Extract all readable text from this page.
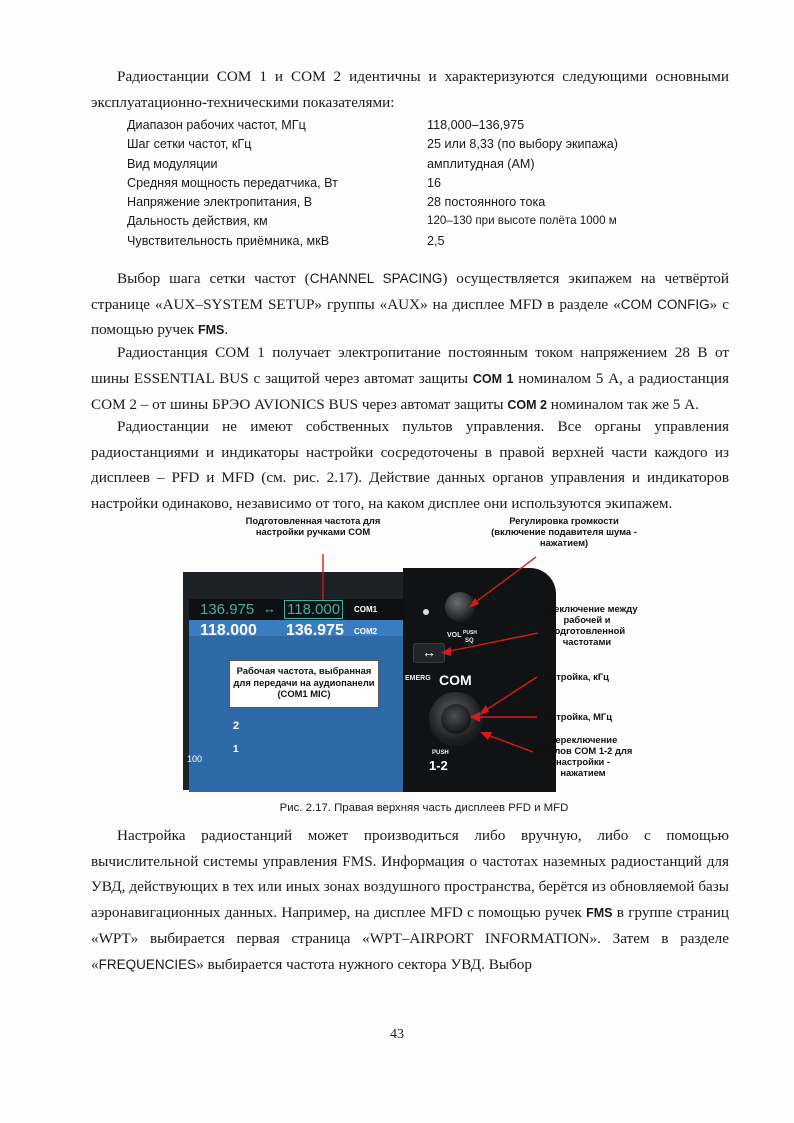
Радиостанции COM 1 и COM 2 идентичны и характеризуются следующими основными эксплуатационно-техническими показателями:

Диапазон рабочих частот, МГц	118,000–136,975
Шаг сетки частот, кГц	25 или 8,33 (по выбору экипажа)
Вид модуляции	амплитудная (АМ)
Средняя мощность передатчика, Вт	16
Напряжение электропитания, В	28 постоянного тока
Дальность действия, км	120–130 при высоте полёта 1000 м
Чувствительность приёмника, мкВ	2,5

Выбор шага сетки частот (CHANNEL SPACING) осуществляется экипажем на четвёртой странице «AUX–SYSTEM SETUP» группы «AUX» на дисплее MFD в разделе «COM CONFIG» с помощью ручек FMS.

Радиостанция COM 1 получает электропитание постоянным током напряжением 28 В от шины ESSENTIAL BUS с защитой через автомат защиты COM 1 номиналом 5 А, а радиостанция COM 2 – от шины БРЭО AVIONICS BUS через автомат защиты COM 2 номиналом так же 5 А.

Радиостанции не имеют собственных пультов управления. Все органы управления радиостанциями и индикаторы настройки сосредоточены в правой верхней части каждого из дисплеев – PFD и MFD (см. рис. 2.17). Действие данных органов управления и индикаторов настройки одинаково, независимо от того, на каком дисплее они используются экипажем.

Подготовленная частота для настройки ручками COM
Регулировка громкости (включение подавителя шума - нажатием)
136.975 ↔ 118.000	COM1
118.000 136.975 COM2
2
1
100
Рабочая частота, выбранная для передачи на аудиопанели (COM1 MIC)
VOL PUSH
SQ
↔
EMERG COM
PUSH
1-2
Переключение между рабочей и подготовленной частотами
Настройка, кГц
Настройка, МГц
Переключение каналов COM 1-2 для настройки - нажатием
Рис. 2.17. Правая верхняя часть дисплеев PFD и MFD

Настройка радиостанций может производиться либо вручную, либо с помощью вычислительной системы управления FMS. Информация о частотах наземных радиостанций для УВД, действующих в тех или иных зонах воздушного пространства, берётся из обновляемой базы аэронавигационных данных. Например, на дисплее MFD с помощью ручек FMS в группе страниц «WPT» выбирается первая страница «WPT–AIRPORT INFORMATION». Затем в разделе «FREQUENCIES» выбирается частота нужного сектора УВД. Выбор

43
